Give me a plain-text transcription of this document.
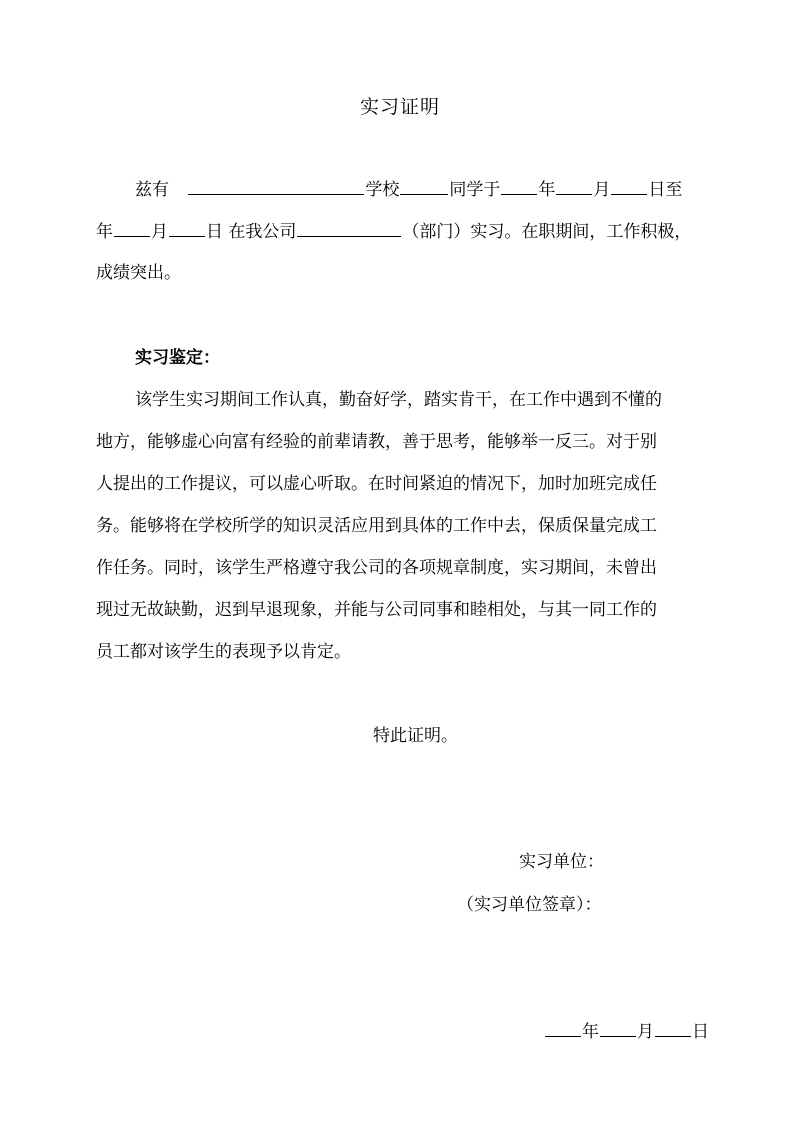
实习证明
兹有	学校	同学于 年 月 日至
年 月 日 在我公司	（部门）实习。在职期间，工作积极，
成绩突出。
实习鉴定：
该学生实习期间工作认真，勤奋好学，踏实肯干，在工作中遇到不懂的
地方，能够虚心向富有经验的前辈请教，善于思考，能够举一反三。对于别
人提出的工作提议，可以虚心听取。在时间紧迫的情况下，加时加班完成任
务。能够将在学校所学的知识灵活应用到具体的工作中去，保质保量完成工
作任务。同时，该学生严格遵守我公司的各项规章制度，实习期间，未曾出
现过无故缺勤，迟到早退现象，并能与公司同事和睦相处，与其一同工作的
员工都对该学生的表现予以肯定。
特此证明。
实习单位：
（实习单位签章）：
年 月 日
